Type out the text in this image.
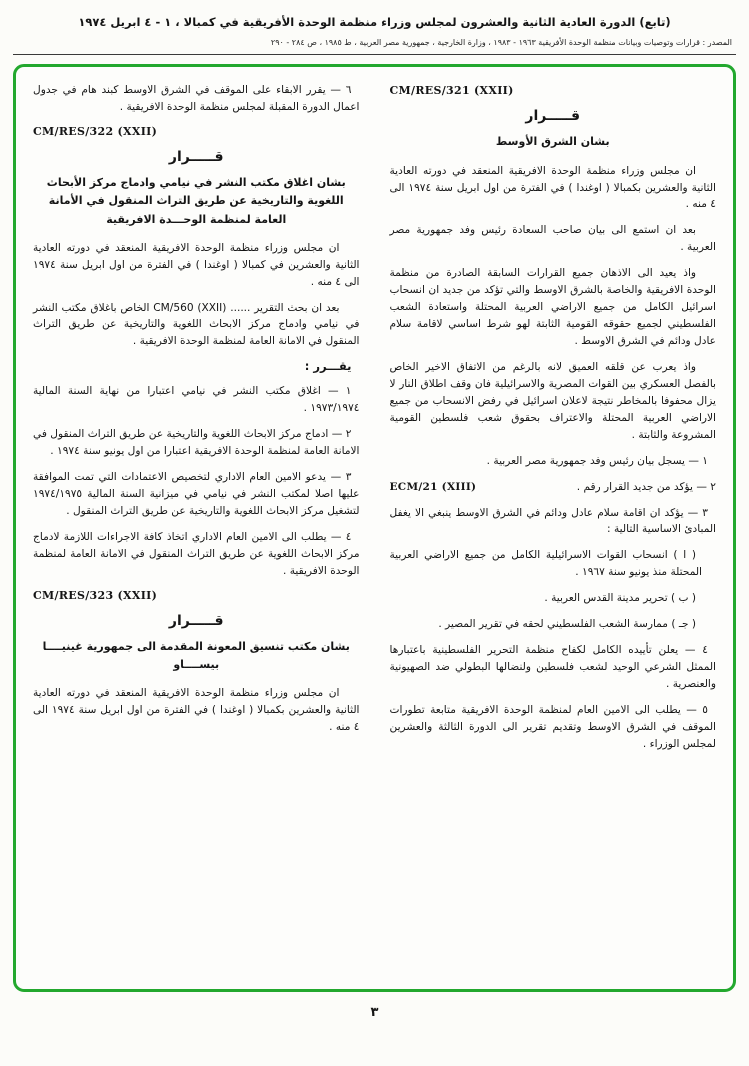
(تابع) الدورة العادية الثانية والعشرون لمجلس وزراء منظمة الوحدة الأفريقية في كمبالا ، ١ - ٤ ابريل ١٩٧٤
المصدر : قرارات وتوصيات وبيانات منظمة الوحدة الأفريقية ١٩٦٣ - ١٩٨٣ ، وزارة الخارجية ، جمهورية مصر العربية ، ط ١٩٨٥ ، ص ٢٨٤ - ٢٩٠
CM/RES/321 (XXII)
قـــــرار
بشان الشرق الأوسط

ان مجلس وزراء منظمة الوحدة الافريقية المنعقد في دورته العادية الثانية والعشرين بكمبالا ( اوغندا ) في الفترة من اول ابريل سنة ١٩٧٤ الى ٤ منه .

بعد ان استمع الى بيان صاحب السعادة رئيس وفد جمهورية مصر العربية .

واذ يعيد الى الاذهان جميع القرارات السابقة الصادرة من منظمة الوحدة الافريقية والخاصة بالشرق الاوسط والتي تؤكد من جديد ان انسحاب اسرائيل الكامل من جميع الاراضي العربية المحتلة واستعادة الشعب الفلسطيني لجميع حقوقه القومية الثابتة لهو شرط اساسي لاقامة سلام عادل ودائم في الشرق الاوسط .

واذ يعرب عن قلقه العميق لانه بالرغم من الاتفاق الاخير الخاص بالفصل العسكري بين القوات المصرية والاسرائيلية فان وقف اطلاق النار لا يزال محفوفا بالمخاطر نتيجة لاعلان اسرائيل في رفض الانسحاب من جميع الاراضي العربية المحتلة والاعتراف بحقوق شعب فلسطين القومية المشروعة والثابتة .

١ — يسجل بيان رئيس وفد جمهورية مصر العربية .

٢ — يؤكد من جديد القرار رقم .
ECM/21 (XIII)

٣ — يؤكد ان اقامة سلام عادل ودائم في الشرق الاوسط ينبغي الا يغفل المبادئ الاساسية التالية :

( ا ) انسحاب القوات الاسرائيلية الكامل من جميع الاراضي العربية المحتلة منذ يونيو سنة ١٩٦٧ .

( ب ) تحرير مدينة القدس العربية .

( جـ ) ممارسة الشعب الفلسطيني لحقه في تقرير المصير .

٤ — يعلن تأييده الكامل لكفاح منظمة التحرير الفلسطينية باعتبارها الممثل الشرعي الوحيد لشعب فلسطين ولنضالها البطولي ضد الصهيونية والعنصرية .

٥ — يطلب الى الامين العام لمنظمة الوحدة الافريقية متابعة تطورات الموقف في الشرق الاوسط وتقديم تقرير الى الدورة الثالثة والعشرين لمجلس الوزراء .

٦ — يقرر الابقاء على الموقف في الشرق الاوسط كبند هام في جدول اعمال الدورة المقبلة لمجلس منظمة الوحدة الافريقية .

CM/RES/322 (XXII)
قـــــرار
بشان اغلاق مكتب النشر في نيامي وادماج مركز الأبحاث اللغوية والتاريخية عن طريق التراث المنقول في الأمانة العامة لمنظمة الوحـــدة الافريقية

ان مجلس وزراء منظمة الوحدة الافريقية المنعقد في دورته العادية الثانية والعشرين في كمبالا ( اوغندا ) في الفترة من اول ابريل سنة ١٩٧٤ الى ٤ منه .

بعد ان بحث التقرير ...... CM/560 (XXII) الخاص باغلاق مكتب النشر في نيامي وادماج مركز الابحاث اللغوية والتاريخية عن طريق التراث المنقول في الامانة العامة لمنظمة الوحدة الافريقية .

يقـــرر :

١ — اغلاق مكتب النشر في نيامي اعتبارا من نهاية السنة المالية ١٩٧٣/١٩٧٤ .

٢ — ادماج مركز الابحاث اللغوية والتاريخية عن طريق التراث المنقول في الامانة العامة لمنظمة الوحدة الافريقية اعتبارا من اول يونيو سنة ١٩٧٤ .

٣ — يدعو الامين العام الاداري لتخصيص الاعتمادات التي تمت الموافقة عليها اصلا لمكتب النشر في نيامي في ميزانية السنة المالية ١٩٧٤/١٩٧٥ لتشغيل مركز الابحاث اللغوية والتاريخية عن طريق التراث المنقول .

٤ — يطلب الى الامين العام الاداري اتخاذ كافة الاجراءات اللازمة لادماج مركز الابحاث اللغوية عن طريق التراث المنقول في الامانة العامة لمنظمة الوحدة الافريقية .

CM/RES/323 (XXII)
قـــــرار
بشان مكتب تنسيق المعونة المقدمة الى جمهورية غينيــــا بيســــاو

ان مجلس وزراء منظمة الوحدة الافريقية المنعقد في دورته العادية الثانية والعشرين بكمبالا ( اوغندا ) في الفترة من اول ابريل سنة ١٩٧٤ الى ٤ منه .

٣
